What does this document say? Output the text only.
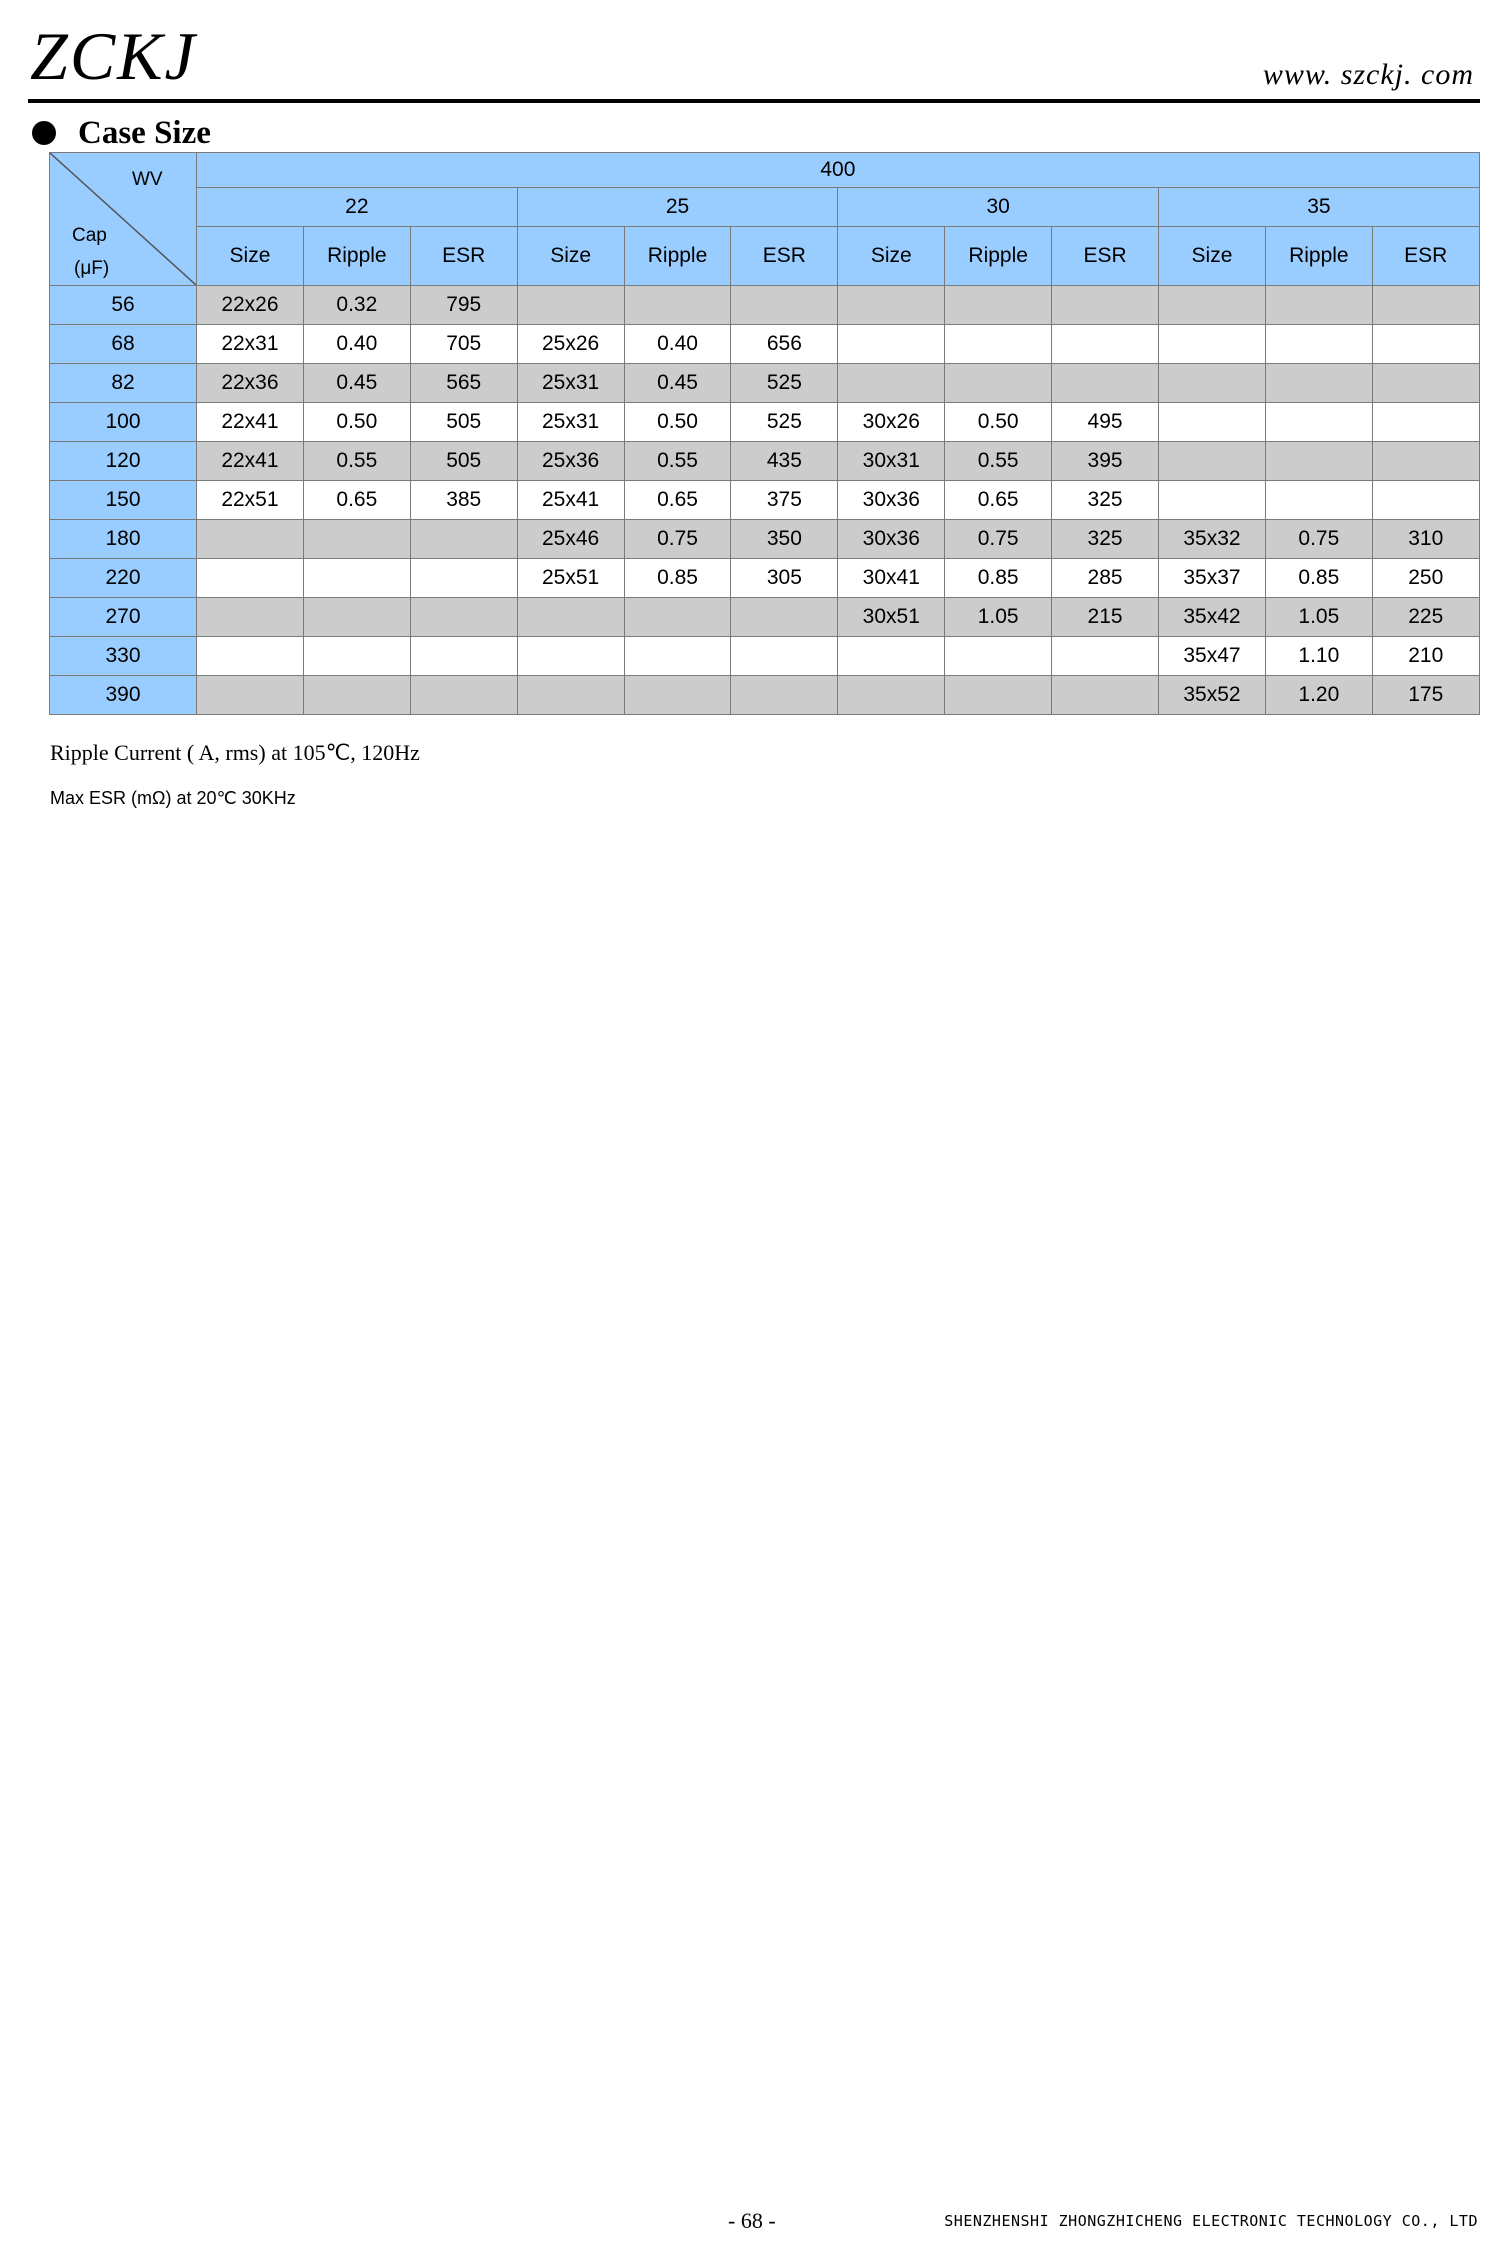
ZCKJ	www. szckj. com
Case Size
WV
Cap
(μF)	400											
	22			25			30			35		
	Size	Ripple	ESR	Size	Ripple	ESR	Size	Ripple	ESR	Size	Ripple	ESR
56	22x26	0.32	795									
68	22x31	0.40	705	25x26	0.40	656						
82	22x36	0.45	565	25x31	0.45	525						
100	22x41	0.50	505	25x31	0.50	525	30x26	0.50	495			
120	22x41	0.55	505	25x36	0.55	435	30x31	0.55	395			
150	22x51	0.65	385	25x41	0.65	375	30x36	0.65	325			
180				25x46	0.75	350	30x36	0.75	325	35x32	0.75	310
220				25x51	0.85	305	30x41	0.85	285	35x37	0.85	250
270							30x51	1.05	215	35x42	1.05	225
330										35x47	1.10	210
390										35x52	1.20	175
Ripple Current ( A, rms) at 105℃, 120Hz
Max ESR (mΩ) at 20℃ 30KHz
- 68 -	SHENZHENSHI ZHONGZHICHENG ELECTRONIC TECHNOLOGY CO., LTD
